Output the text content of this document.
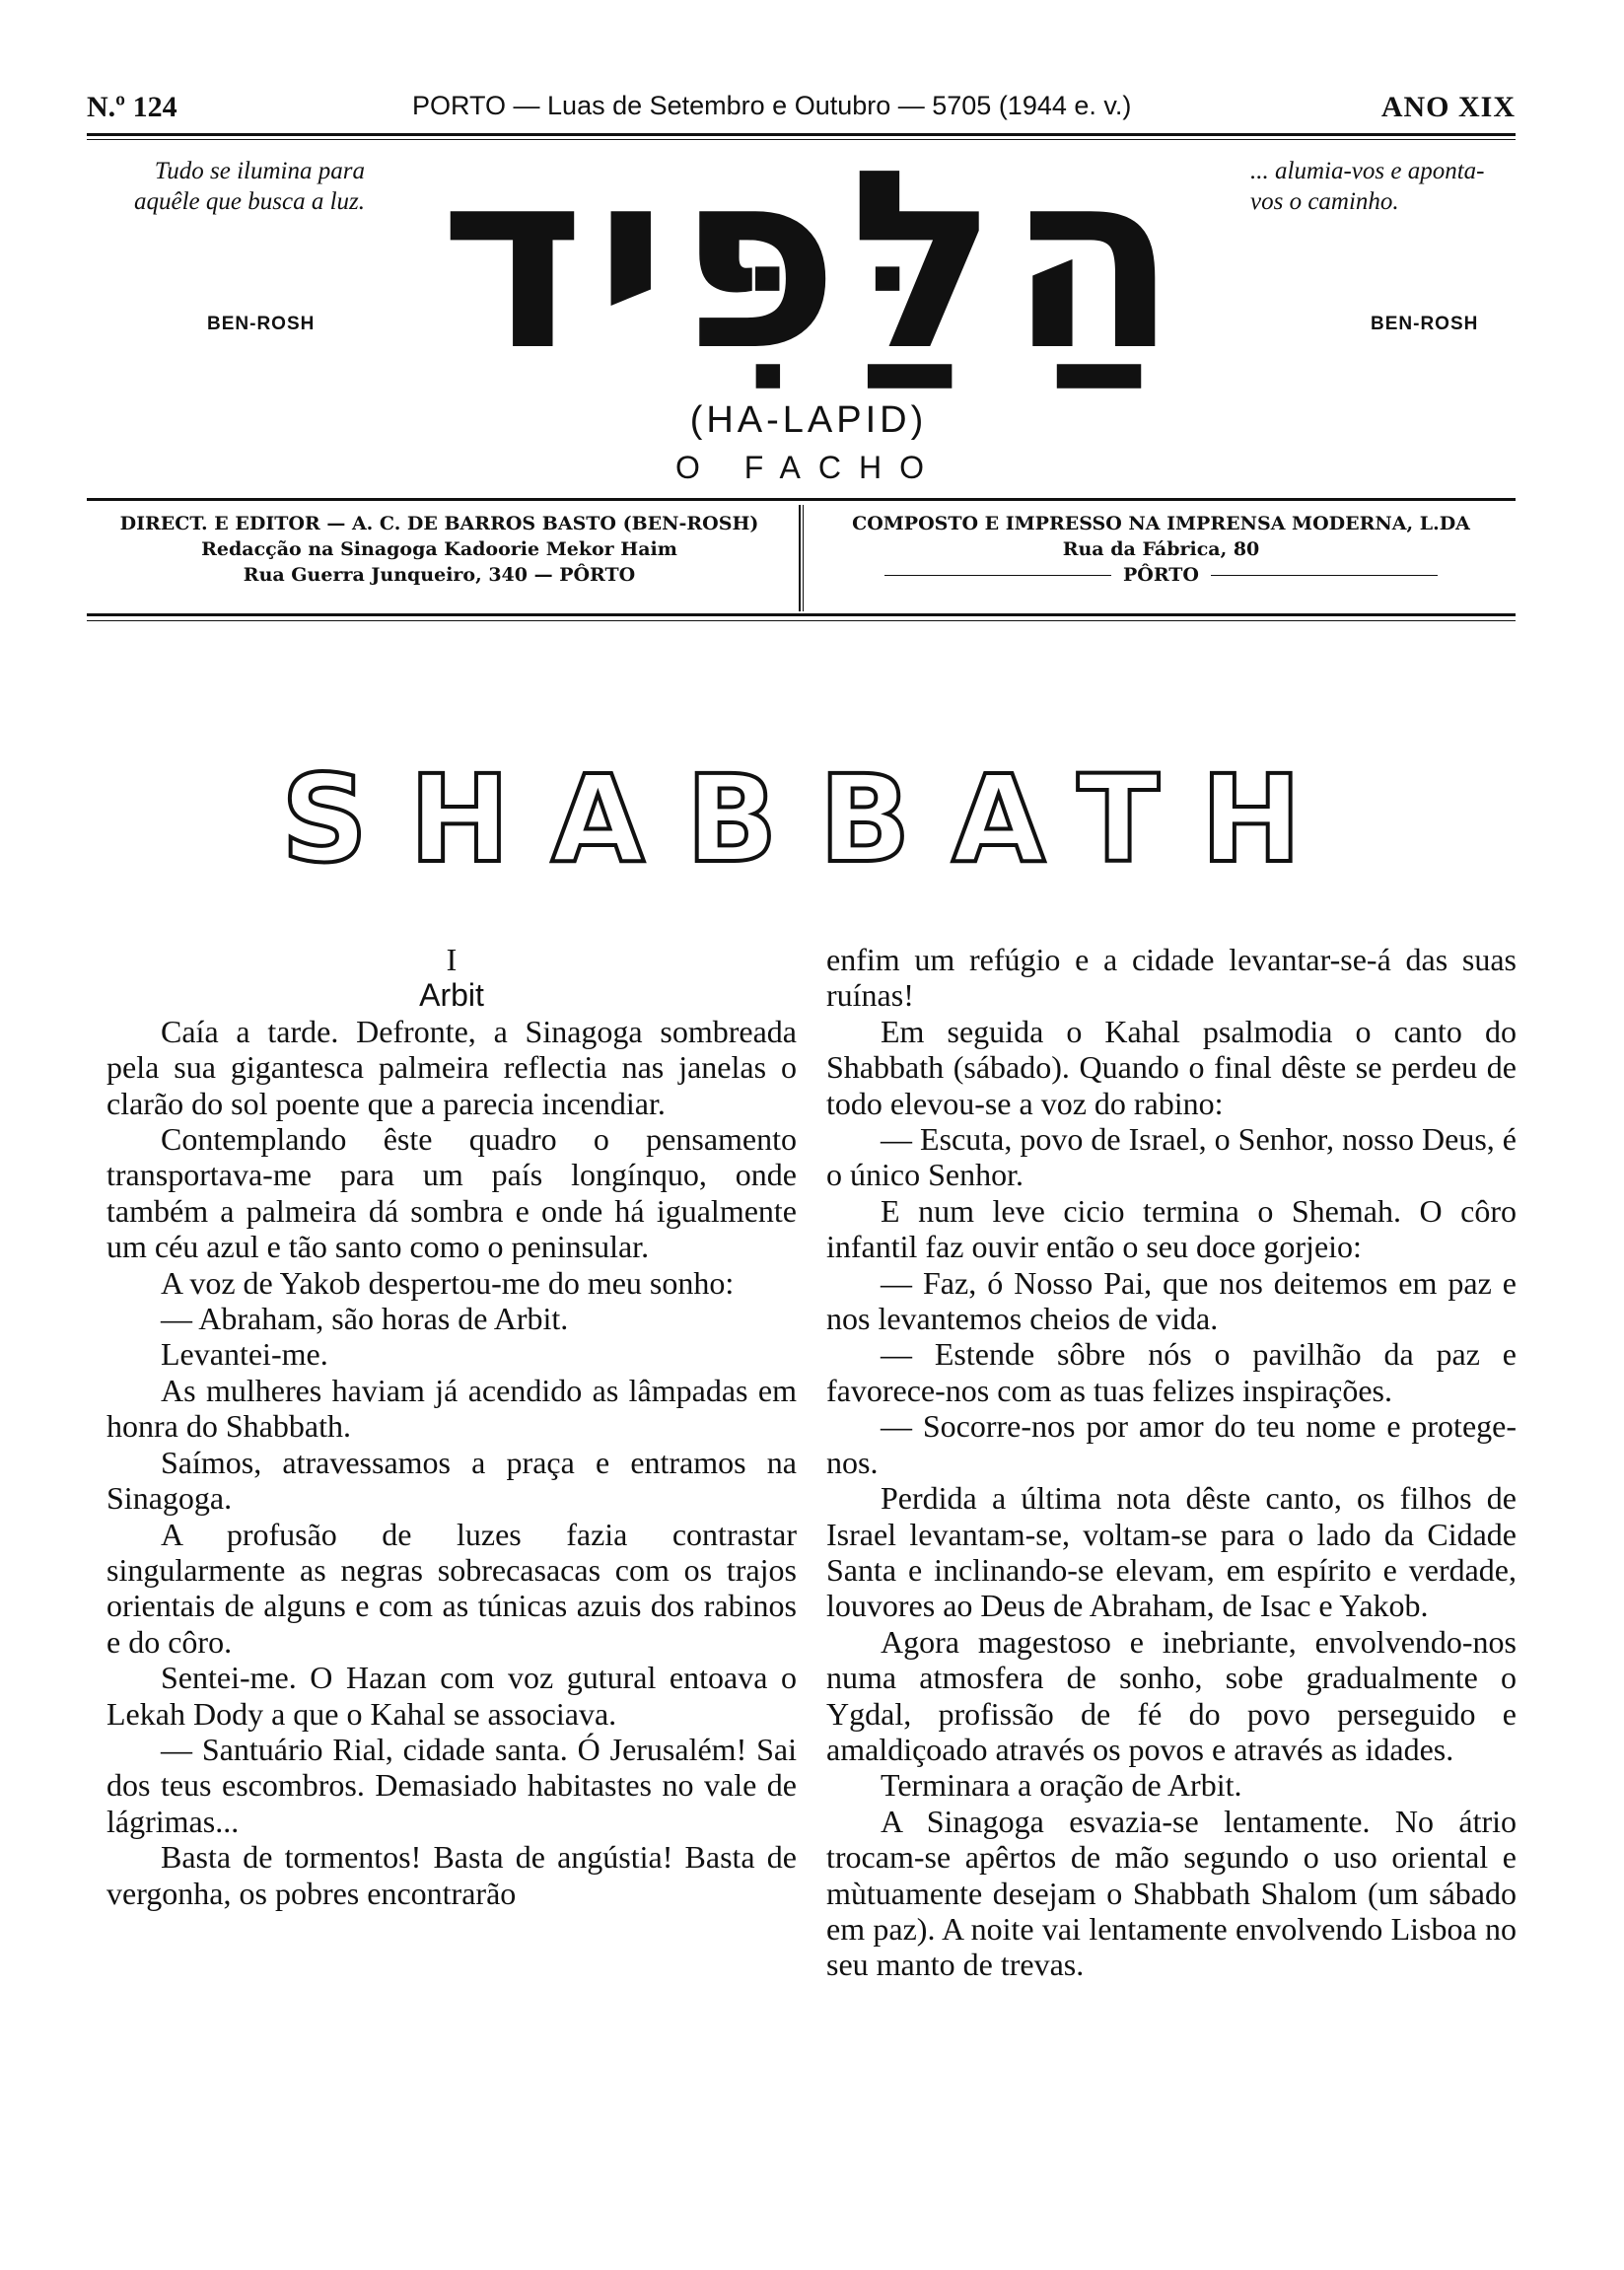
N.º 124	PORTO — Luas de Setembro e Outubro — 5705 (1944 e. v.)	ANO XIX
Tudo se ilumina para aquêle que busca a luz.
BEN-ROSH
... alumia-vos e aponta-vos o caminho.
BEN-ROSH
הַלַּפִּיד
(HA-LAPID)
O FACHO
DIRECT. E EDITOR — A. C. DE BARROS BASTO (BEN-ROSH)
Redacção na Sinagoga Kadoorie Mekor Haim
Rua Guerra Junqueiro, 340 — PÔRTO
COMPOSTO E IMPRESSO NA IMPRENSA MODERNA, L.DA
Rua da Fábrica, 80
PÔRTO
SHABBATH

I

Arbit

Caía a tarde. Defronte, a Sinagoga sombreada pela sua gigantesca palmeira reflectia nas janelas o clarão do sol poente que a parecia incendiar.

Contemplando êste quadro o pensamento transportava-me para um país longínquo, onde também a palmeira dá sombra e onde há igualmente um céu azul e tão santo como o peninsular.

A voz de Yakob despertou-me do meu sonho:

— Abraham, são horas de Arbit.

Levantei-me.

As mulheres haviam já acendido as lâmpadas em honra do Shabbath.

Saímos, atravessamos a praça e entramos na Sinagoga.

A profusão de luzes fazia contrastar singularmente as negras sobrecasacas com os trajos orientais de alguns e com as túnicas azuis dos rabinos e do côro.

Sentei-me. O Hazan com voz gutural entoava o Lekah Dody a que o Kahal se associava.

— Santuário Rial, cidade santa. Ó Jerusalém! Sai dos teus escombros. Demasiado habitastes no vale de lágrimas...

Basta de tormentos! Basta de angústia! Basta de vergonha, os pobres encontrarão

enfim um refúgio e a cidade levantar-se-á das suas ruínas!

Em seguida o Kahal psalmodia o canto do Shabbath (sábado). Quando o final dêste se perdeu de todo elevou-se a voz do rabino:

— Escuta, povo de Israel, o Senhor, nosso Deus, é o único Senhor.

E num leve cicio termina o Shemah. O côro infantil faz ouvir então o seu doce gorjeio:

— Faz, ó Nosso Pai, que nos deitemos em paz e nos levantemos cheios de vida.

— Estende sôbre nós o pavilhão da paz e favorece-nos com as tuas felizes inspirações.

— Socorre-nos por amor do teu nome e protege-nos.

Perdida a última nota dêste canto, os filhos de Israel levantam-se, voltam-se para o lado da Cidade Santa e inclinando-se elevam, em espírito e verdade, louvores ao Deus de Abraham, de Isac e Yakob.

Agora magestoso e inebriante, envolvendo-nos numa atmosfera de sonho, sobe gradualmente o Ygdal, profissão de fé do povo perseguido e amaldiçoado através os povos e através as idades.

Terminara a oração de Arbit.

A Sinagoga esvazia-se lentamente. No átrio trocam-se apêrtos de mão segundo o uso oriental e mùtuamente desejam o Shabbath Shalom (um sábado em paz). A noite vai lentamente envolvendo Lisboa no seu manto de trevas.
